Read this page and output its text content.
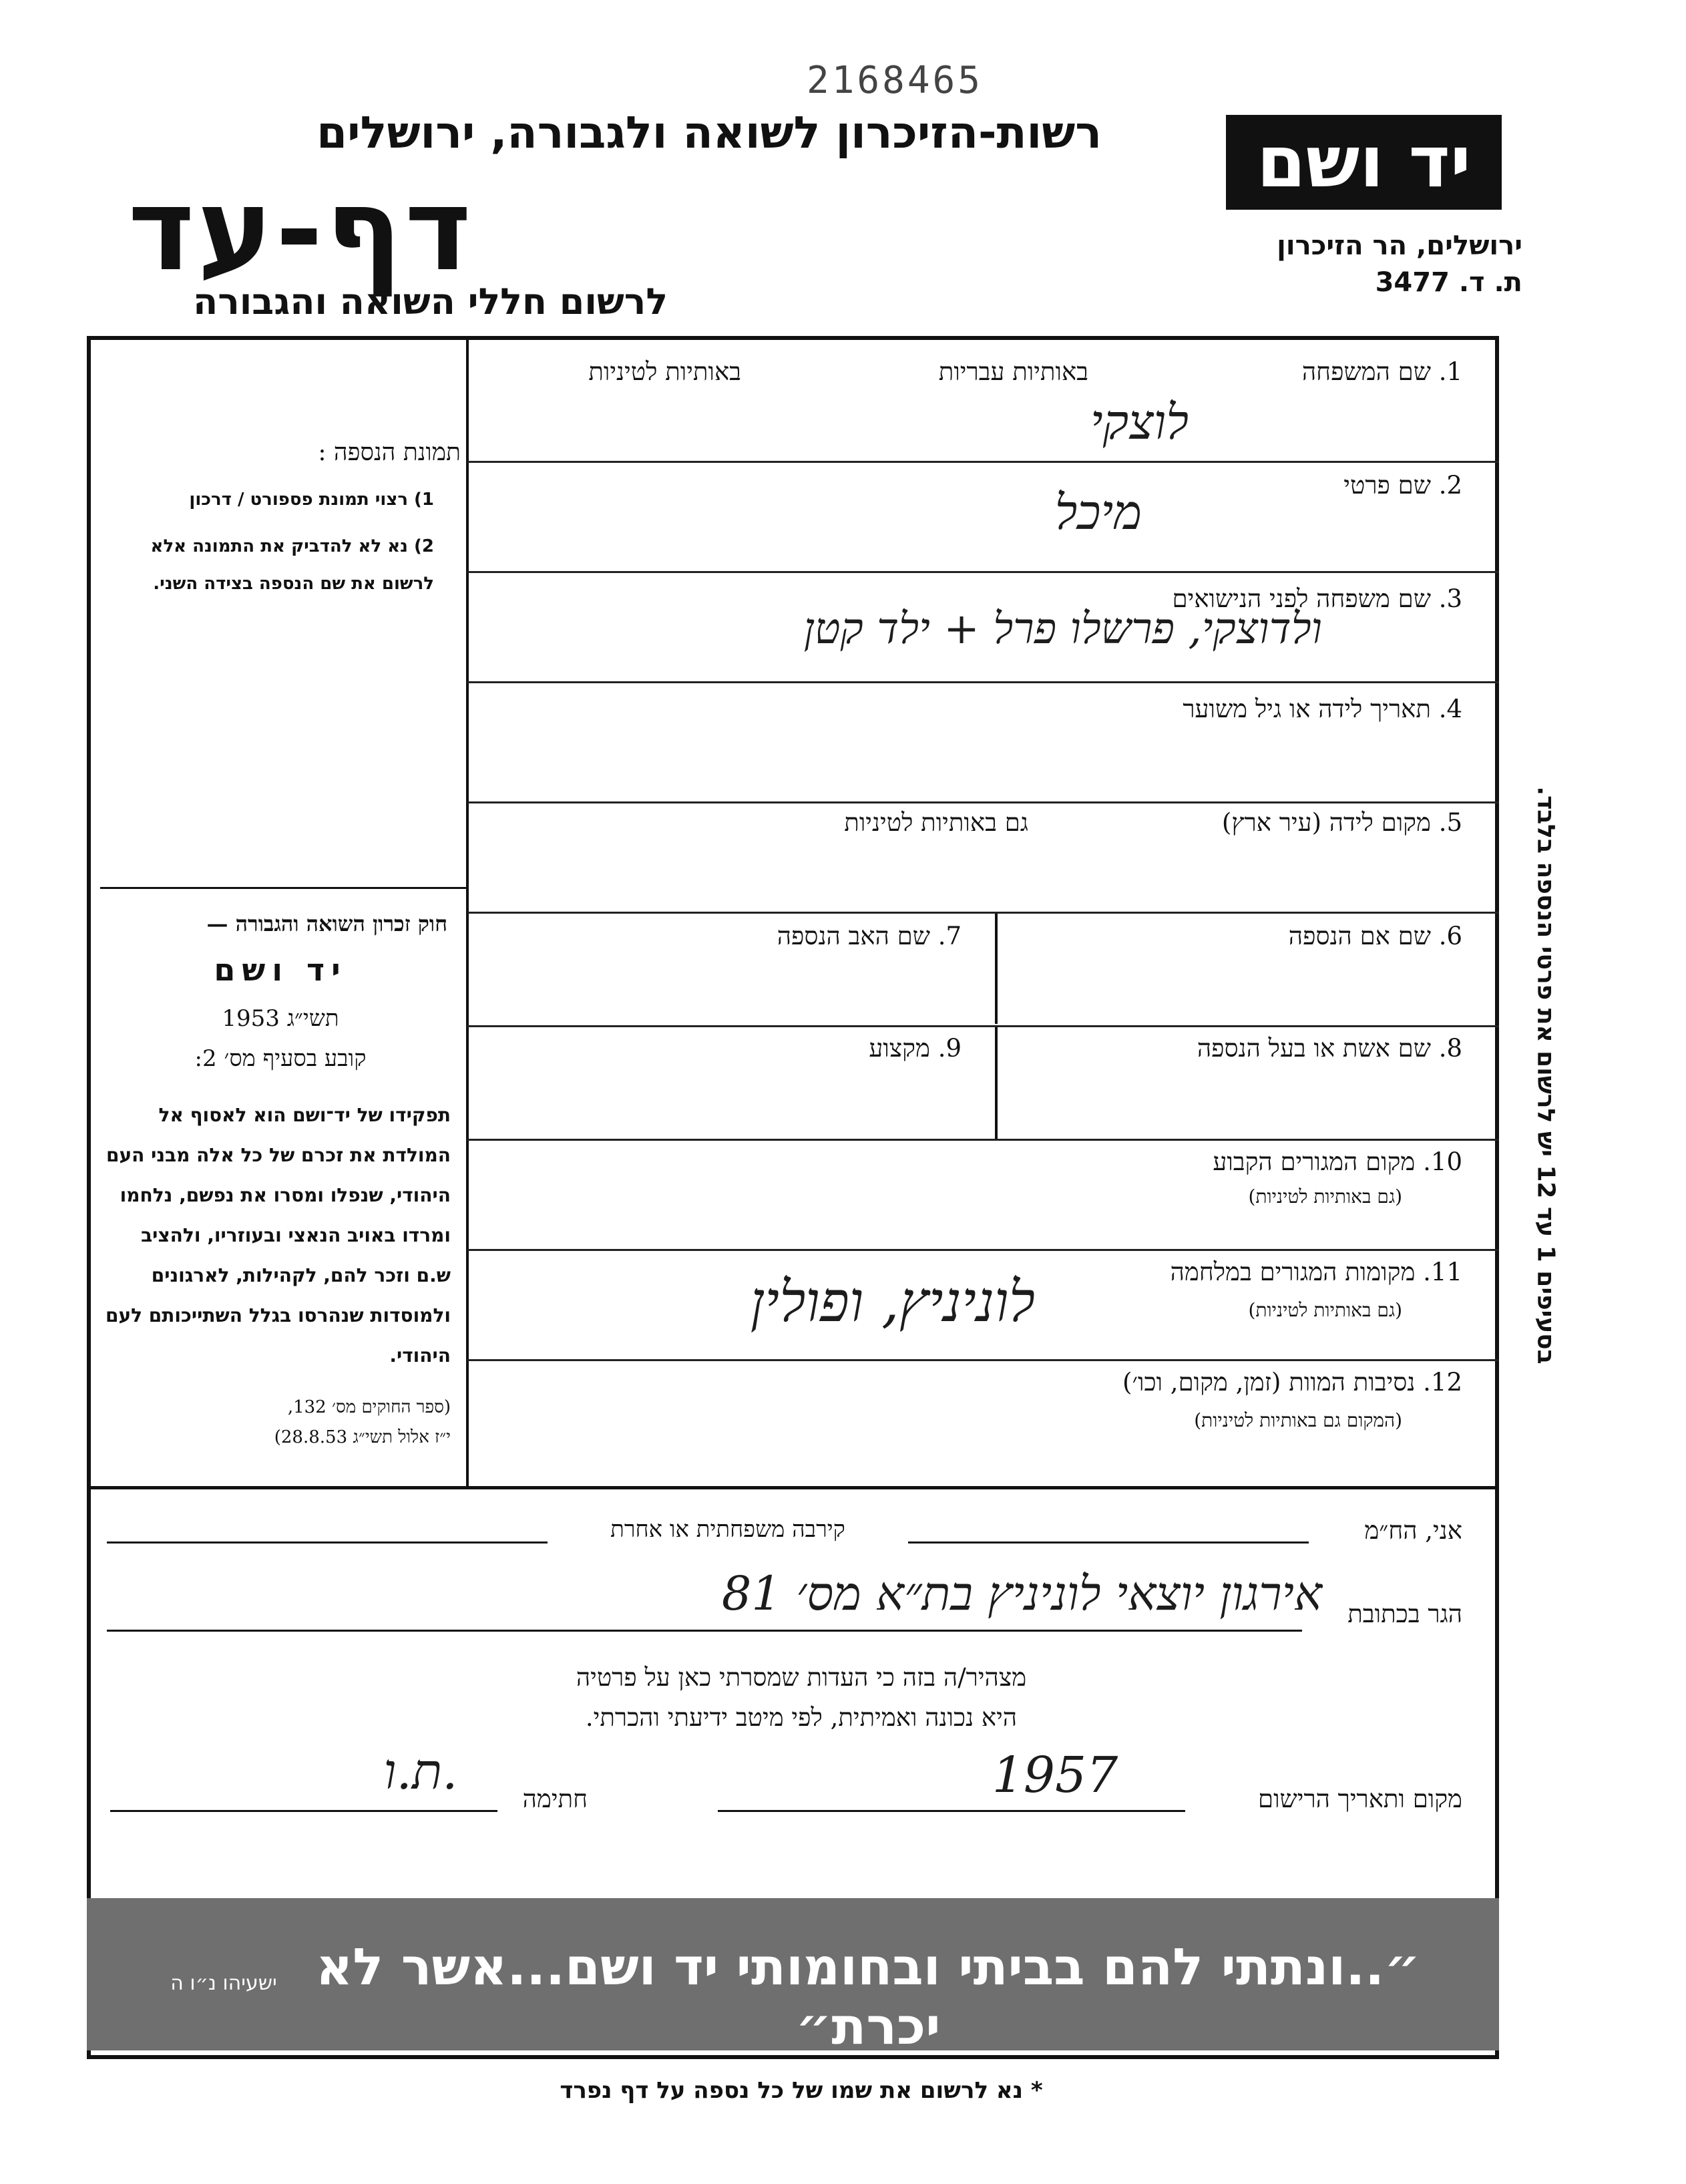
2168465
רשות-הזיכרון לשואה ולגבורה, ירושלים
דף-עד
לרשום חללי השואה והגבורה
יד ושם
ירושלים, הר הזיכרון
ת. ד. 3477
1. שם המשפחה
באותיות עבריות
באותיות לטיניות
לוצקי
2. שם פרטי
מיכל
3. שם משפחה לפני הנישואים
ולדוצקי, פרשלו פרל + ילד קטן
4. תאריך לידה או גיל משוער
5. מקום לידה (עיר ארץ)
גם באותיות לטיניות
6. שם אם הנספה
7. שם האב הנספה
8. שם אשת או בעל הנספה
9. מקצוע
10. מקום המגורים הקבוע
(גם באותיות לטיניות)
11. מקומות המגורים במלחמה
(גם באותיות לטיניות)
לוניניץ, ופולין
12. נסיבות המוות (זמן, מקום, וכו׳)
(המקום גם באותיות לטיניות)
תמונת הנספה :
1) רצוי תמונת פספורט / דרכון
2) נא לא להדביק את התמונה אלא לרשום את שם הנספה בצידה השני.
חוק זכרון השואה והגבורה —
יד ושם
תשי״ג 1953
קובע בסעיף מס׳ 2:
תפקידו של יד־ושם הוא לאסוף אל המולדת את זכרם של כל אלה מבני העם היהודי, שנפלו ומסרו את נפשם, נלחמו ומרדו באויב הנאצי ובעוזריו, ולהציב ש.ם וזכר להם, לקהילות, לארגונים ולמוסדות שנהרסו בגלל השתייכותם לעם היהודי.
(ספר החוקים מס׳ 132,
י״ז אלול תשי״ג 28.8.53)
אני, הח״מ
קירבה משפחתית או אחרת
הגר בכתובת
אירגון יוצאי לוניניץ בת״א מס׳ 81
מצהיר/ה בזה כי העדות שמסרתי כאן על פרטיה
היא נכונה ואמיתית, לפי מיטב ידיעתי והכרתי.
מקום ותאריך הרישום
1957
חתימה
ת.ו.
״..ונתתי להם בביתי ובחומותי יד ושם...אשר לא יכרת״
ישעיהו נ״ו ה
* נא לרשום את שמו של כל נספה על דף נפרד
בסעיפים 1 עד 12 יש לרשום את פרטי הנספה בלבד.
